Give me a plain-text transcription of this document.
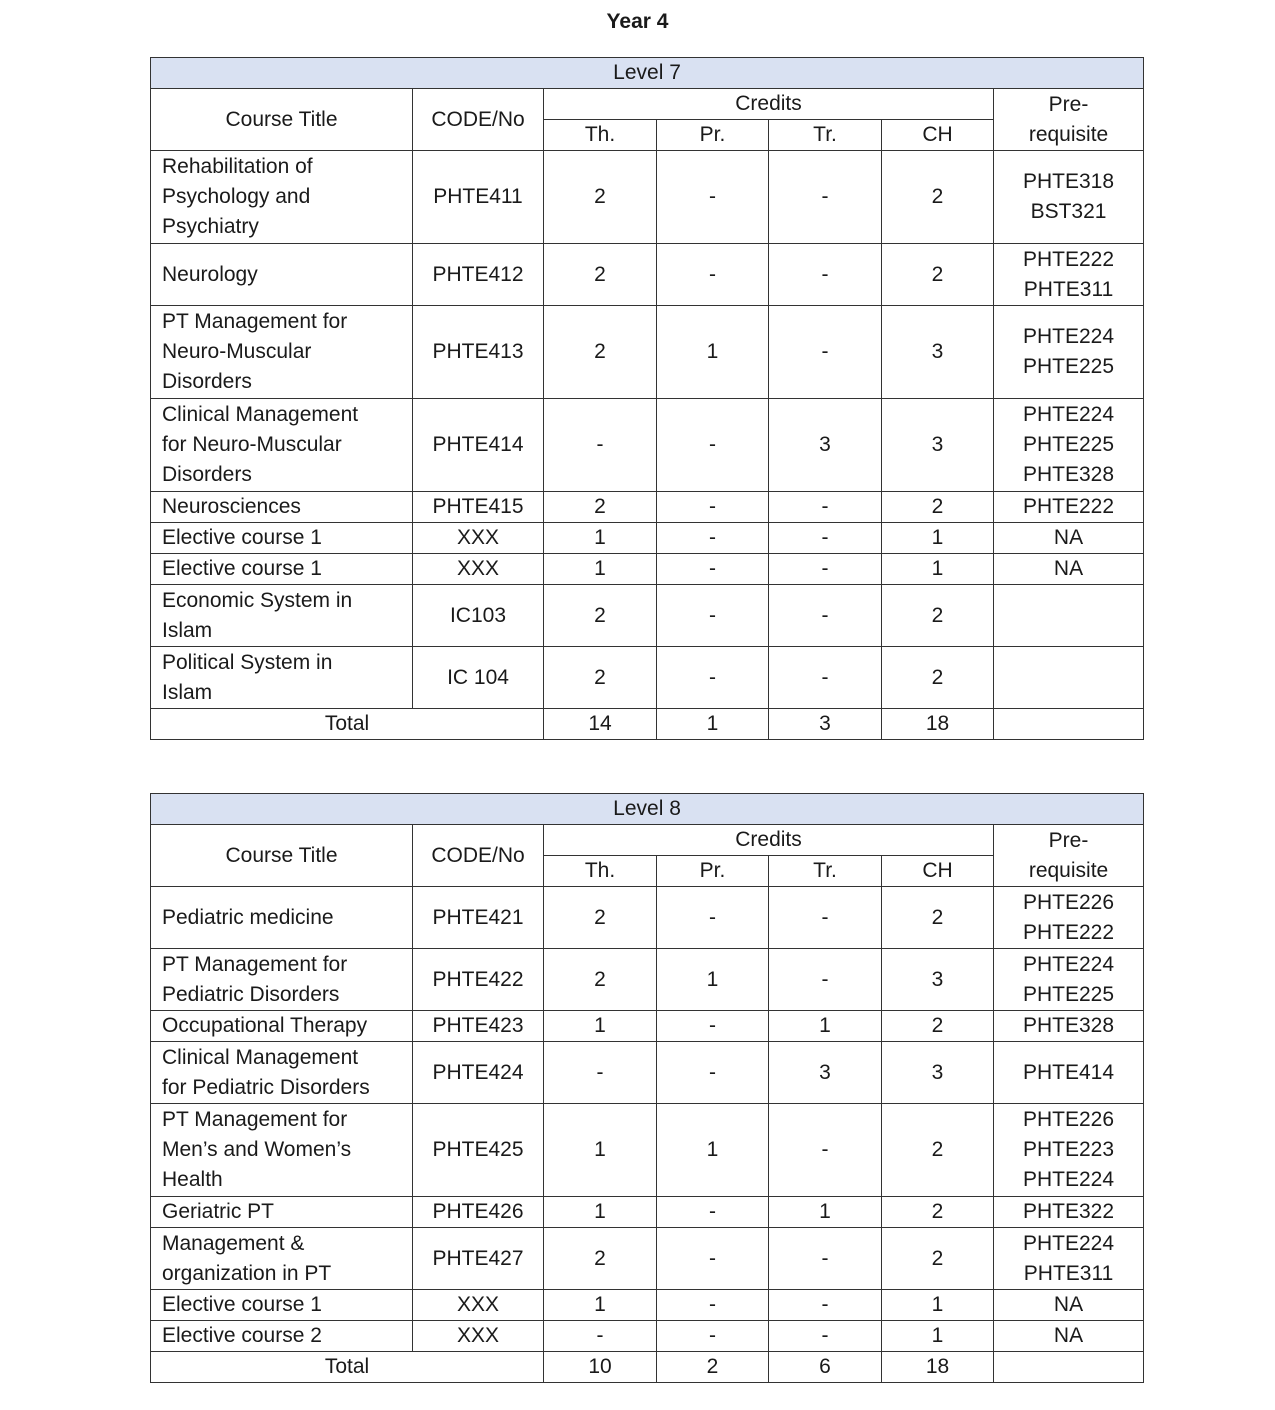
Year 4
Level 7						
Course Title	CODE/No	Credits				Pre-
requisite
		Th.	Pr.	Tr.	CH	
Rehabilitation of
Psychology and
Psychiatry	PHTE411	2	-	-	2	PHTE318
BST321
Neurology	PHTE412	2	-	-	2	PHTE222
PHTE311
PT Management for
Neuro-Muscular
Disorders	PHTE413	2	1	-	3	PHTE224
PHTE225
Clinical Management
for Neuro-Muscular
Disorders	PHTE414	-	-	3	3	PHTE224
PHTE225
PHTE328
Neurosciences	PHTE415	2	-	-	2	PHTE222
Elective course 1	XXX	1	-	-	1	NA
Elective course 1	XXX	1	-	-	1	NA
Economic System in
Islam	IC103	2	-	-	2	
Political System in
Islam	IC 104	2	-	-	2	
Total		14	1	3	18	
Level 8						
Course Title	CODE/No	Credits				Pre-
requisite
		Th.	Pr.	Tr.	CH	
Pediatric medicine	PHTE421	2	-	-	2	PHTE226
PHTE222
PT Management for
Pediatric Disorders	PHTE422	2	1	-	3	PHTE224
PHTE225
Occupational Therapy	PHTE423	1	-	1	2	PHTE328
Clinical Management
for Pediatric Disorders	PHTE424	-	-	3	3	PHTE414
PT Management for
Men’s and Women’s
Health	PHTE425	1	1	-	2	PHTE226
PHTE223
PHTE224
Geriatric PT	PHTE426	1	-	1	2	PHTE322
Management &
organization in PT	PHTE427	2	-	-	2	PHTE224
PHTE311
Elective course 1	XXX	1	-	-	1	NA
Elective course 2	XXX	-	-	-	1	NA
Total		10	2	6	18	
